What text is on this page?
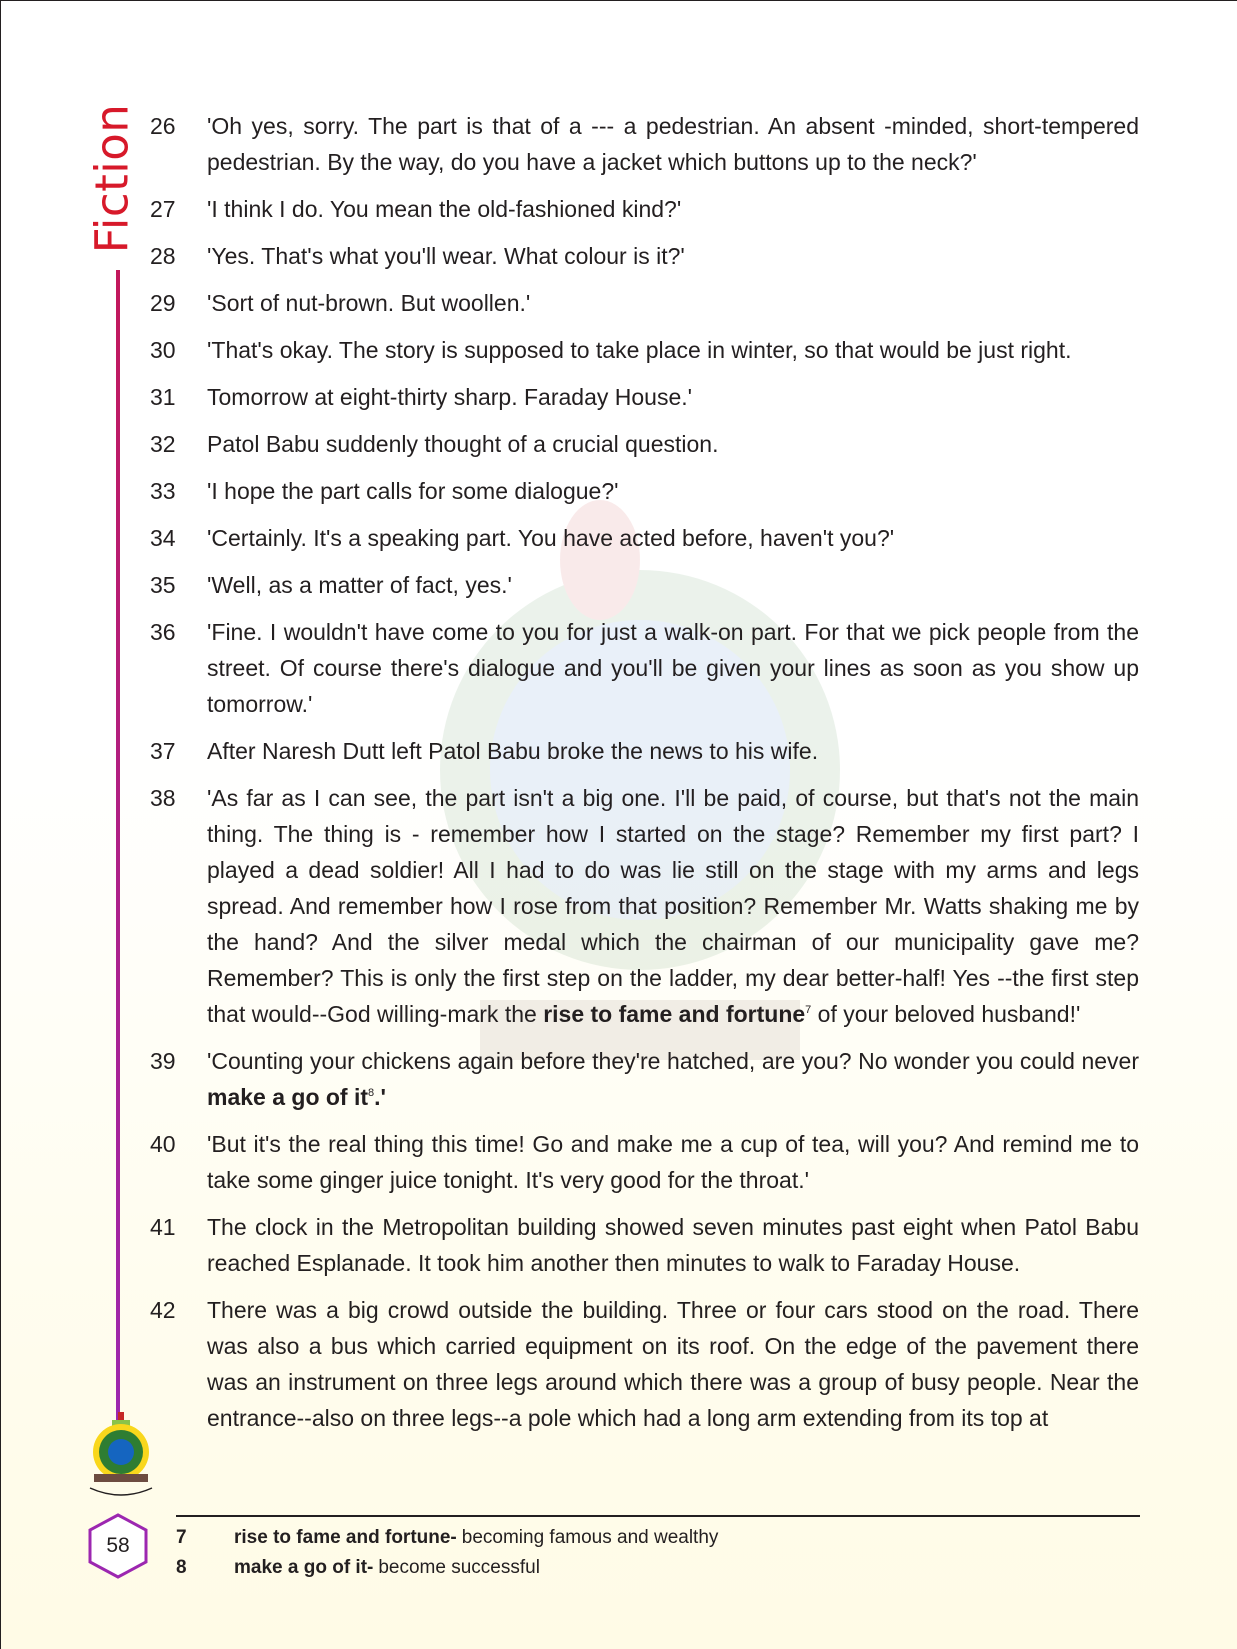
Fiction 26	'Oh yes, sorry. The part is that of a --- a pedestrian. An absent -minded, short-tempered pedestrian. By the way, do you have a jacket which buttons up to the neck?'
27	'I think I do. You mean the old-fashioned kind?'
28	'Yes. That's what you'll wear. What colour is it?'
29	'Sort of nut-brown. But woollen.'
30	'That's okay. The story is supposed to take place in winter, so that would be just right.
31	Tomorrow at eight-thirty sharp. Faraday House.'
32	Patol Babu suddenly thought of a crucial question.
33	'I hope the part calls for some dialogue?'
34	'Certainly. It's a speaking part. You have acted before, haven't you?'
35	'Well, as a matter of fact, yes.'
36	'Fine. I wouldn't have come to you for just a walk-on part. For that we pick people from the street. Of course there's dialogue and you'll be given your lines as soon as you show up tomorrow.'
37	After Naresh Dutt left Patol Babu broke the news to his wife.
38	'As far as I can see, the part isn't a big one. I'll be paid, of course, but that's not the main thing. The thing is - remember how I started on the stage? Remember my first part? I played a dead soldier! All I had to do was lie still on the stage with my arms and legs spread. And remember how I rose from that position? Remember Mr. Watts shaking me by the hand? And the silver medal which the chairman of our municipality gave me? Remember? This is only the first step on the ladder, my dear better-half! Yes --the first step that would--God willing-mark the rise to fame and fortune$^7$ of your beloved husband!'
39	'Counting your chickens again before they're hatched, are you? No wonder you could never make a go of $it^8.'$
40	'But it's the real thing this time! Go and make me a cup of tea, will you? And remind me to take some ginger juice tonight. It's very good for the throat.'
41	The clock in the Metropolitan building showed seven minutes past eight when Patol Babu reached Esplanade. It took him another then minutes to walk to Faraday House.
42	There was a big crowd outside the building. Three or four cars stood on the road. There was also a bus which carried equipment on its roof. On the edge of the pavement there was an instrument on three legs around which there was a group of busy people. Near the entrance--also on three legs--a pole which had a long arm extending from its top at
7	rise to fame and fortune- becoming famous and wealthy
8	make a go of it- become successful
58
